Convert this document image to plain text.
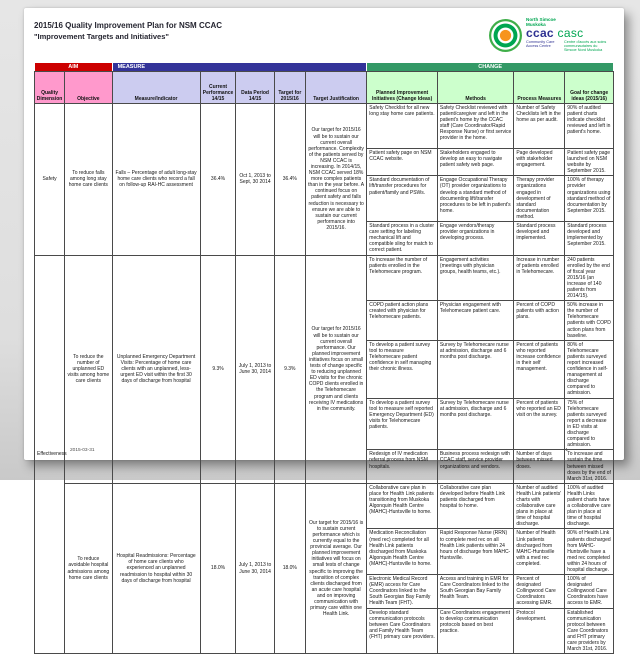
2015/16 Quality Improvement Plan for NSM CCAC
"Improvement Targets and Initiatives"
North Simcoe Muskoka
ccac casc
Community Care Access Centre
Centre d'accès aux soins communautaires du Simcoe Nord Muskoka
AIM		MEASURE					CHANGE			
Quality Dimension	Objective	Measure/Indicator	Current Performance 14/15	Data Period 14/15	Target for 2015/16	Target Justification	Planned Improvement Initiatives (Change Ideas)	Methods	Process Measures	Goal for change ideas (2015/16)
Safety	To reduce falls among long stay home care clients	Falls – Percentage of adult long-stay home care clients who record a fall on follow-up RAI-HC assessment	36.4%	Oct 1, 2013 to Sept, 30 2014	36.4%	Our target for 2015/16 will be to sustain our current overall performance. Complexity of the patients served by NSM CCAC is increasing. In 2014/15, NSM CCAC served 18% more complex patients than in the year before. A continued focus on patient safety and falls reduction is necessary to ensure we are able to sustain our current performance into 2015/16.	Safety Checklist for all new long stay home care patients.	Safety Checklist reviewed with patient/caregiver and left in the patient's home by the CCAC staff (Care Coordinator/Rapid Response Nurse) or first service provider in the home.	Number of Safety Checklists left in the home as per audit.	90% of audited patient charts indicate checklist reviewed and left in patient's home.
							Patient safety page on NSM CCAC website.	Stakeholders engaged to develop an easy to navigate patient safety web page.	Page developed with stakeholder engagement.	Patient safety page launched on NSM website by September 2015.
							Standard documentation of lift/transfer procedures for patient/family and PSWs.	Engage Occupational Therapy (OT) provider organizations to develop a standard method of documenting lift/transfer procedures to be left in patient's home.	Therapy provider organizations engaged in development of standard documentation method.	100% of therapy provider organizations using standard method of documentation by September 2015.
							Standard process in a cluster care setting for labeling mechanical lift and compatible sling for match to correct patient.	Engage vendors/therapy provider organizations in developing process.	Standard process developed and implemented.	Standard process developed and implemented by September 2015.
Effectiveness	To reduce the number of unplanned ED visits among home care clients	Unplanned Emergency Department Visits: Percentage of home care clients with an unplanned, less-urgent ED visit within the first 30 days of discharge from hospital	9.3%	July 1, 2013 to June 30, 2014	9.3%	Our target for 2015/16 will be to sustain our current overall performance. Our planned improvement initiatives focus on small tests of change specific to reducing unplanned ED visits for the chronic COPD clients enrolled in the Telehomecare program and clients receiving IV medications in the community.	To increase the number of patients enrolled in the Telehomecare program.	Engagement activities (meetings with physician groups, health teams, etc.).	Increase in number of patients enrolled in Telehomecare.	240 patients enrolled by the end of fiscal year 2015/16 (an increase of 140 patients from 2014/15).
							COPD patient action plans created with physician for Telehomecare patients.	Physician engagement with Telehomecare patient care.	Percent of COPD patients with action plans.	50% increase in the number of Telehomecare patients with COPD action plans from baseline.
							To develop a patient survey tool to measure Telehomecare patient confidence in self managing their chronic illness.	Survey by Telehomecare nurse at admission, discharge and 6 months post discharge.	Percent of patients who reported increase confidence in their self management.	80% of Telehomecare patients surveyed report increased confidence in self-management at discharge compared to admission.
							To develop a patient survey tool to measure self reported Emergency Department (ED) visits for Telehomecare patients.	Survey by Telehomecare nurse at admission, discharge and 6 months post discharge.	Percent of patients who reported an ED visit on the survey.	75% of Telehomecare patients surveyed report a decrease in ED visits at discharge compared to admission.
							Redesign of IV medication referral process from NSM hospitals.	Business process redesign with CCAC staff, service provider organizations and vendors.	Number of days between missed doses.	To increase and sustain the time between missed doses by the end of March 31st, 2016.
	To reduce avoidable hospital admissions among home care clients	Hospital Readmissions: Percentage of home care clients who experienced an unplanned readmission to hospital within 30 days of discharge from hospital	18.0%	July 1, 2013 to June 30, 2014	18.0%	Our target for 2015/16 is to sustain current performance which is currently equal to the provincial average. Our planned improvement initiatives will focus on small tests of change specific to improving the transition of complex clients discharged from an acute care hospital and on improving communication with primary care within one Health Link.	Collaborative care plan in place for Health Link patients transitioning from Muskoka Algonquin Health Centre (MAHC)-Huntsville to home.	Collaborative care plan developed before Health Link patients discharged from hospital to home.	Number of audited Health Link patients' charts with collaborative care plans in place at time of hospital discharge.	100% of audited Health Links patient charts have a collaborative care plan in place at time of hospital discharge.
							Medication Reconciliation (med rec) completed for all Health Link patients discharged from Muskoka Algonquin Health Centre (MAHC)-Huntsville to home.	Rapid Response Nurse (RRN) to complete med rec on all Health Link patients within 24 hours of discharge from MAHC-Huntsville.	Number of Health Link patients discharged from MAHC-Huntsville with a med rec completed.	90% of Health Link patients discharged from MAHC-Huntsville have a med rec completed within 24 hours of hospital discharge.
							Electronic Medical Record (EMR) access for Care Coordinators linked to the South Georgian Bay Family Health Team (FHT).	Access and training in EMR for Care Coordinators linked to the South Georgian Bay Family Health Team.	Percent of designated Collingwood Care Coordinators accessing EMR.	100% of designated Collingwood Care Coordinators have access to EMR.
							Develop standard communication protocols between Care Coordinators and Family Health Team (FHT) primary care providers.	Care Coordinators engagement to develop communication protocols based on best practice.	Protocol development.	Established communication protocol between Care Coordinators and FHT primary care providers by March 31st, 2016.
2015-03-31	1
